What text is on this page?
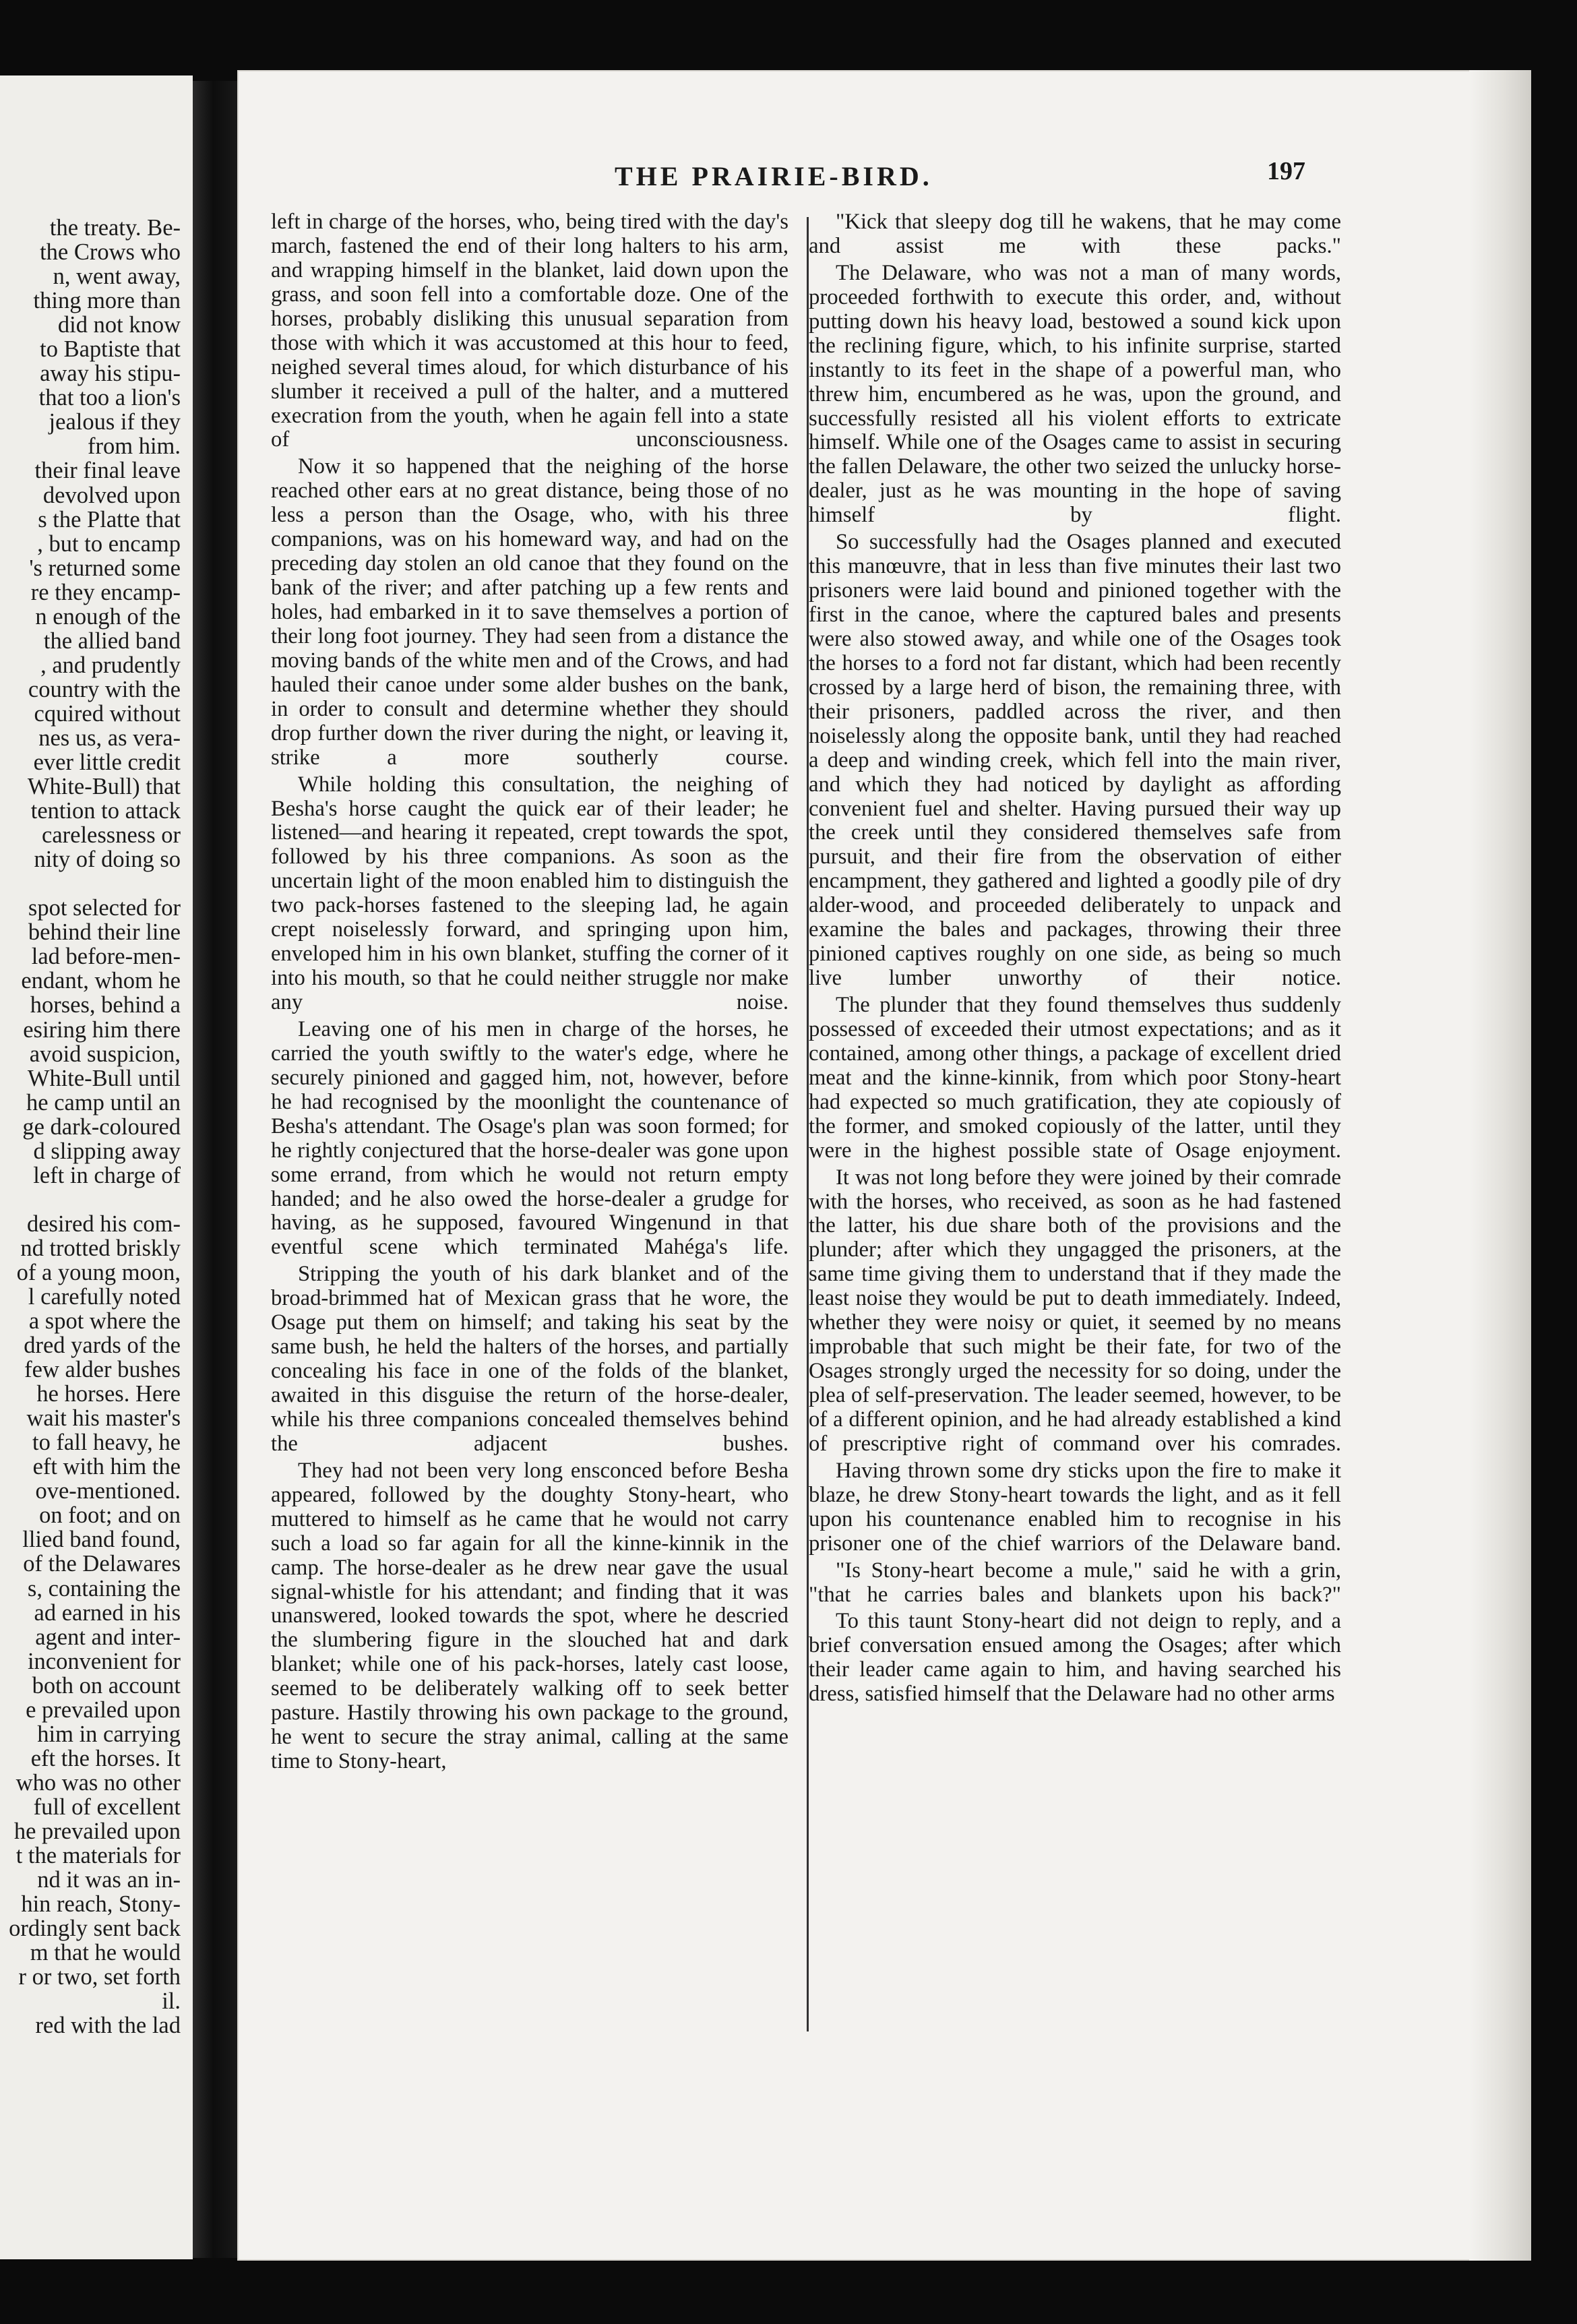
the treaty. Be-
the Crows who
n, went away,
thing more than
did not know
to Baptiste that
away his stipu-
that too a lion's
jealous if they
from him.
their final leave
devolved upon
s the Platte that
, but to encamp
's returned some
re they encamp-
n enough of the
the allied band
, and prudently
country with the
cquired without
nes us, as vera-
ever little credit
White-Bull) that
tention to attack
carelessness or
nity of doing so
spot selected for
behind their line
lad before-men-
endant, whom he
horses, behind a
esiring him there
avoid suspicion,
White-Bull until
he camp until an
ge dark-coloured
d slipping away
left in charge of
desired his com-
nd trotted briskly
of a young moon,
l carefully noted
a spot where the
dred yards of the
few alder bushes
he horses. Here
wait his master's
to fall heavy, he
eft with him the
ove-mentioned.
on foot; and on
llied band found,
of the Delawares
s, containing the
ad earned in his
agent and inter-
inconvenient for
both on account
e prevailed upon
him in carrying
eft the horses. It
who was no other
full of excellent
he prevailed upon
t the materials for
nd it was an in-
hin reach, Stony-
ordingly sent back
m that he would
r or two, set forth
il.
red with the lad
THE PRAIRIE-BIRD.	197

left in charge of the horses, who, being tired with the day's march, fastened the end of their long halters to his arm, and wrapping himself in the blanket, laid down upon the grass, and soon fell into a comfortable doze. One of the horses, probably disliking this unusual separation from those with which it was accustomed at this hour to feed, neighed several times aloud, for which disturbance of his slumber it received a pull of the halter, and a muttered execration from the youth, when he again fell into a state of unconsciousness.

Now it so happened that the neighing of the horse reached other ears at no great distance, being those of no less a person than the Osage, who, with his three companions, was on his homeward way, and had on the preceding day stolen an old canoe that they found on the bank of the river; and after patching up a few rents and holes, had embarked in it to save themselves a portion of their long foot journey. They had seen from a distance the moving bands of the white men and of the Crows, and had hauled their canoe under some alder bushes on the bank, in order to consult and determine whether they should drop further down the river during the night, or leaving it, strike a more southerly course.

While holding this consultation, the neighing of Besha's horse caught the quick ear of their leader; he listened—and hearing it repeated, crept towards the spot, followed by his three companions. As soon as the uncertain light of the moon enabled him to distinguish the two pack-horses fastened to the sleeping lad, he again crept noiselessly forward, and springing upon him, enveloped him in his own blanket, stuffing the corner of it into his mouth, so that he could neither struggle nor make any noise.

Leaving one of his men in charge of the horses, he carried the youth swiftly to the water's edge, where he securely pinioned and gagged him, not, however, before he had recognised by the moonlight the countenance of Besha's attendant. The Osage's plan was soon formed; for he rightly conjectured that the horse-dealer was gone upon some errand, from which he would not return empty handed; and he also owed the horse-dealer a grudge for having, as he supposed, favoured Wingenund in that eventful scene which terminated Mahéga's life.

Stripping the youth of his dark blanket and of the broad-brimmed hat of Mexican grass that he wore, the Osage put them on himself; and taking his seat by the same bush, he held the halters of the horses, and partially concealing his face in one of the folds of the blanket, awaited in this disguise the return of the horse-dealer, while his three companions concealed themselves behind the adjacent bushes.

They had not been very long ensconced before Besha appeared, followed by the doughty Stony-heart, who muttered to himself as he came that he would not carry such a load so far again for all the kinne-kinnik in the camp. The horse-dealer as he drew near gave the usual signal-whistle for his attendant; and finding that it was unanswered, looked towards the spot, where he descried the slumbering figure in the slouched hat and dark blanket; while one of his pack-horses, lately cast loose, seemed to be deliberately walking off to seek better pasture. Hastily throwing his own package to the ground, he went to secure the stray animal, calling at the same time to Stony-heart,

"Kick that sleepy dog till he wakens, that he may come and assist me with these packs."

The Delaware, who was not a man of many words, proceeded forthwith to execute this order, and, without putting down his heavy load, bestowed a sound kick upon the reclining figure, which, to his infinite surprise, started instantly to its feet in the shape of a powerful man, who threw him, encumbered as he was, upon the ground, and successfully resisted all his violent efforts to extricate himself. While one of the Osages came to assist in securing the fallen Delaware, the other two seized the unlucky horse-dealer, just as he was mounting in the hope of saving himself by flight.

So successfully had the Osages planned and executed this manœuvre, that in less than five minutes their last two prisoners were laid bound and pinioned together with the first in the canoe, where the captured bales and presents were also stowed away, and while one of the Osages took the horses to a ford not far distant, which had been recently crossed by a large herd of bison, the remaining three, with their prisoners, paddled across the river, and then noiselessly along the opposite bank, until they had reached a deep and winding creek, which fell into the main river, and which they had noticed by daylight as affording convenient fuel and shelter. Having pursued their way up the creek until they considered themselves safe from pursuit, and their fire from the observation of either encampment, they gathered and lighted a goodly pile of dry alder-wood, and proceeded deliberately to unpack and examine the bales and packages, throwing their three pinioned captives roughly on one side, as being so much live lumber unworthy of their notice.

The plunder that they found themselves thus suddenly possessed of exceeded their utmost expectations; and as it contained, among other things, a package of excellent dried meat and the kinne-kinnik, from which poor Stony-heart had expected so much gratification, they ate copiously of the former, and smoked copiously of the latter, until they were in the highest possible state of Osage enjoyment.

It was not long before they were joined by their comrade with the horses, who received, as soon as he had fastened the latter, his due share both of the provisions and the plunder; after which they ungagged the prisoners, at the same time giving them to understand that if they made the least noise they would be put to death immediately. Indeed, whether they were noisy or quiet, it seemed by no means improbable that such might be their fate, for two of the Osages strongly urged the necessity for so doing, under the plea of self-preservation. The leader seemed, however, to be of a different opinion, and he had already established a kind of prescriptive right of command over his comrades.

Having thrown some dry sticks upon the fire to make it blaze, he drew Stony-heart towards the light, and as it fell upon his countenance enabled him to recognise in his prisoner one of the chief warriors of the Delaware band.

"Is Stony-heart become a mule," said he with a grin, "that he carries bales and blankets upon his back?"

To this taunt Stony-heart did not deign to reply, and a brief conversation ensued among the Osages; after which their leader came again to him, and having searched his dress, satisfied himself that the Delaware had no other arms
